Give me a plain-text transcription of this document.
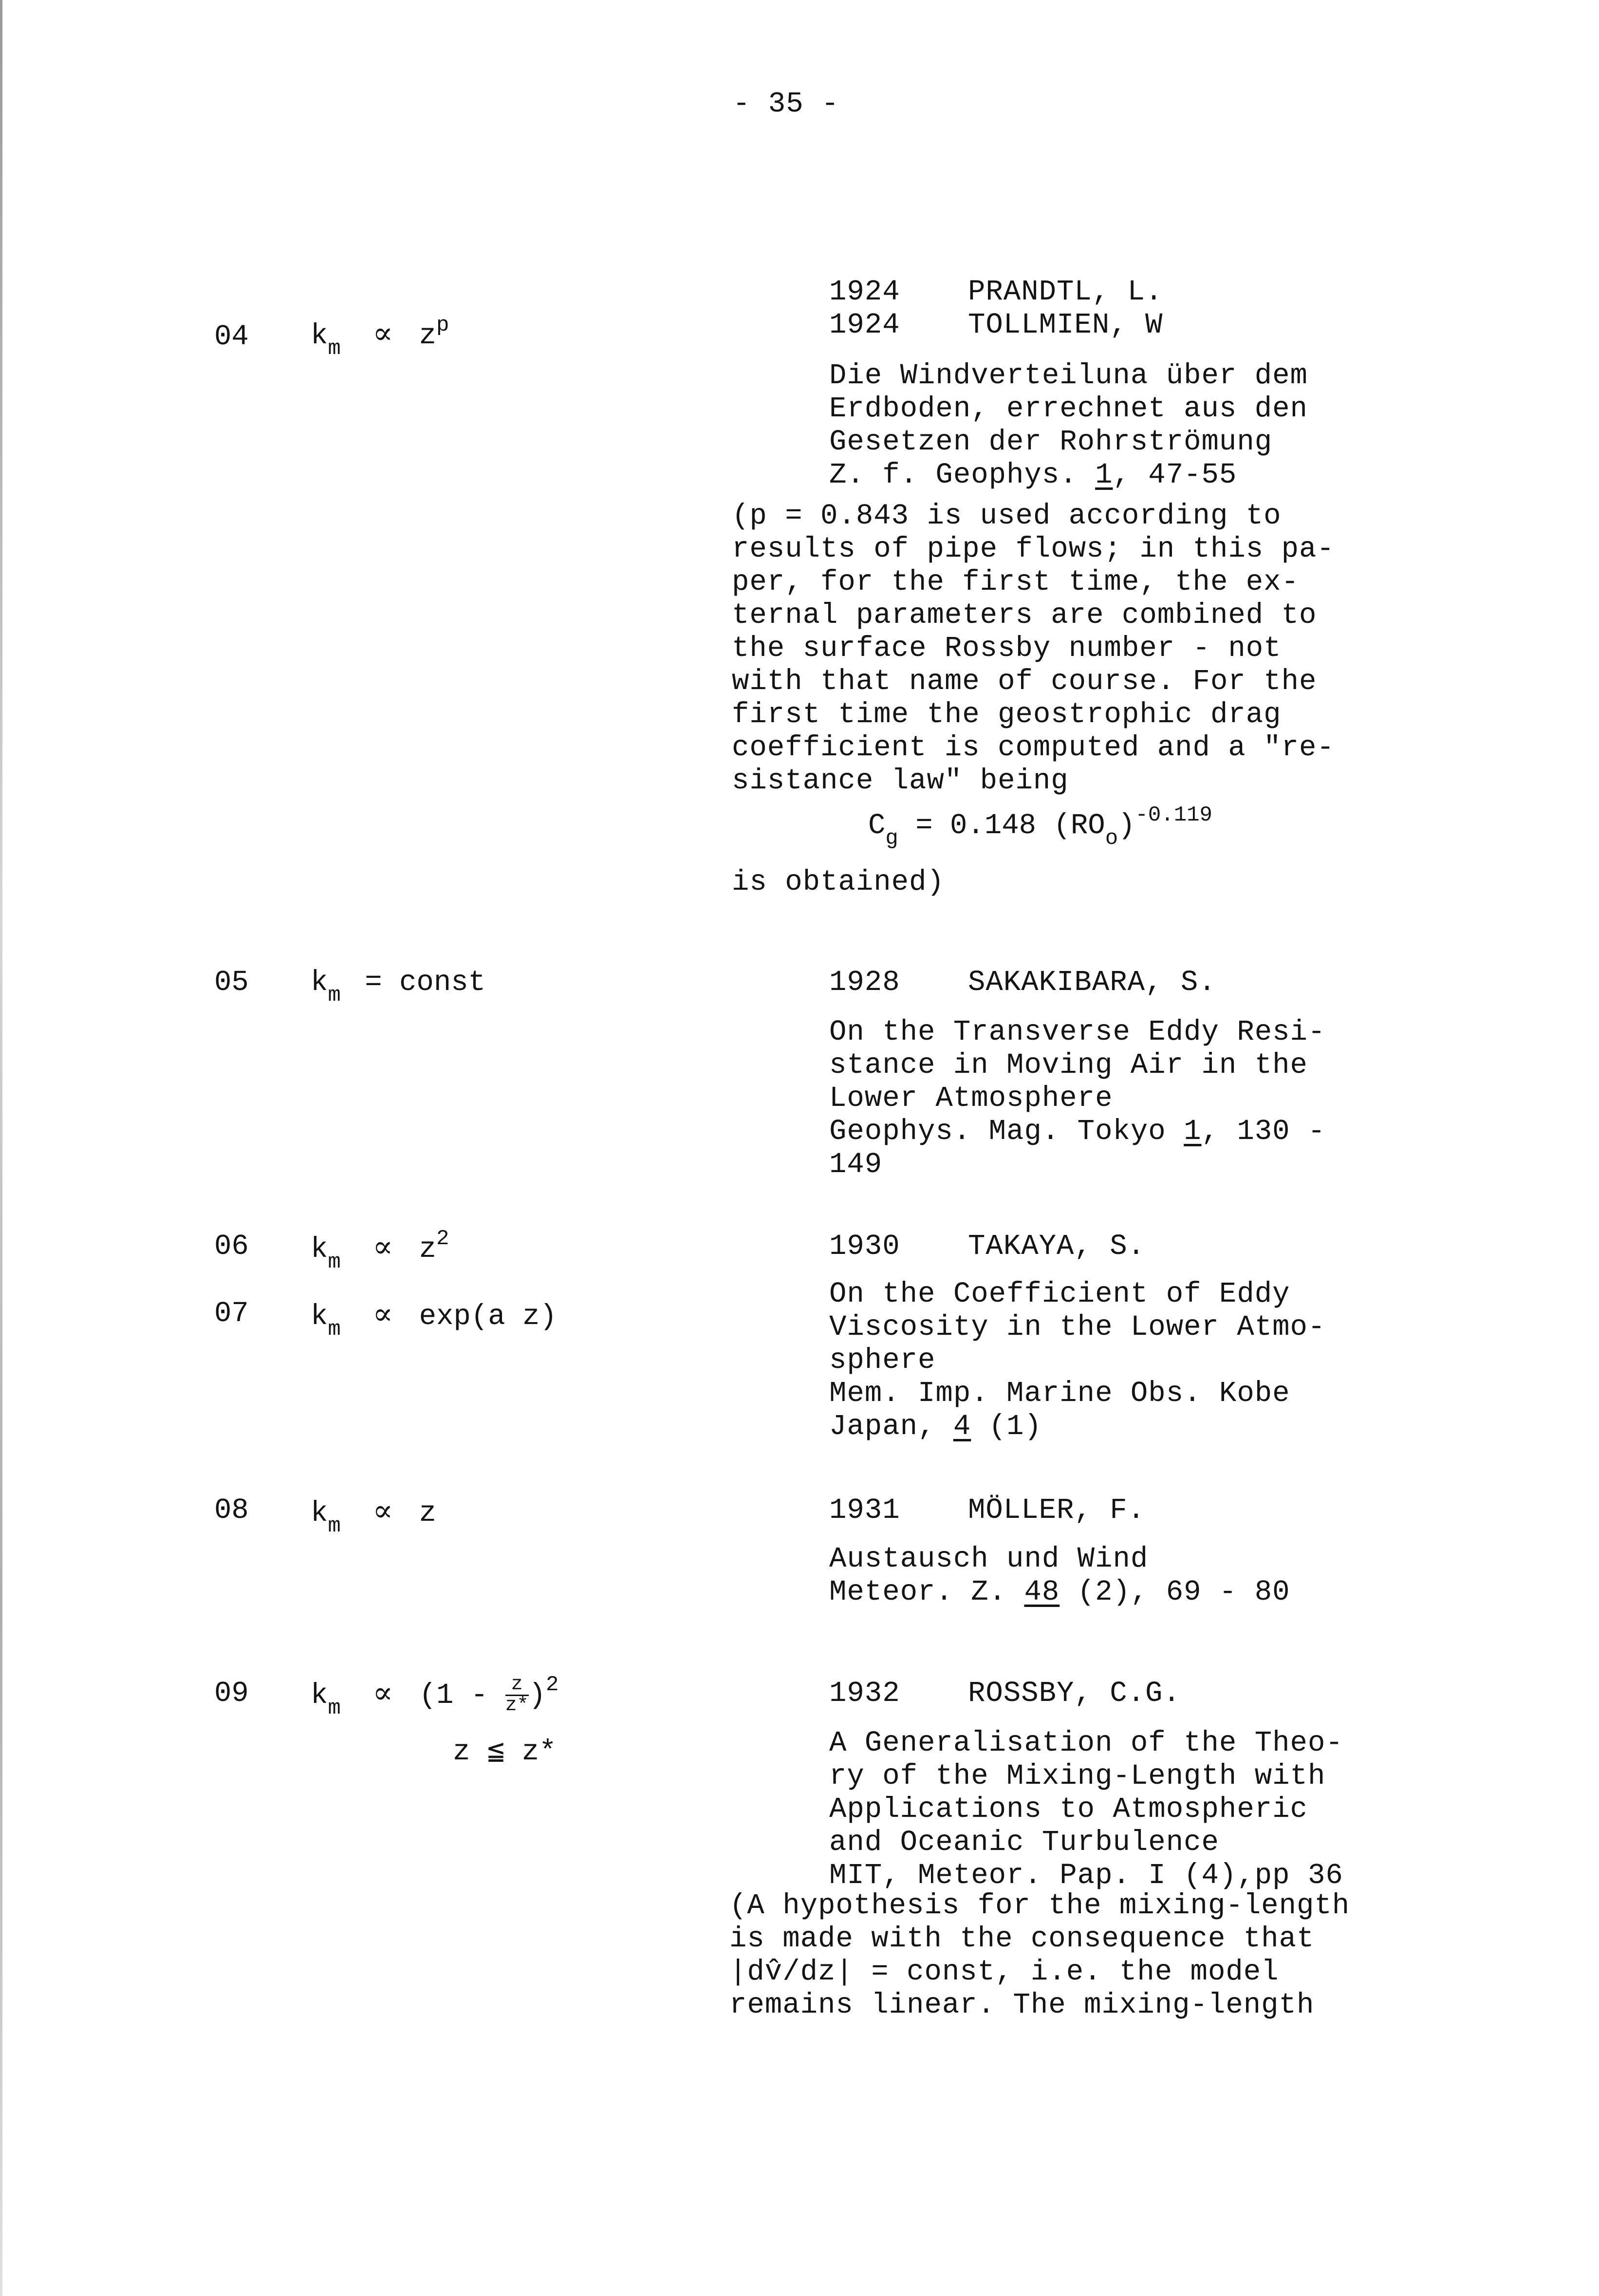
- 35 -
04 $k_m \propto z^p$
1924 PRANDTL, L.
1924 TOLLMIEN, W
Die Windverteiluna über dem
Erdboden, errechnet aus den
Gesetzen der Rohrströmung
Z. f. Geophys. 1, 47-55
(p = 0.843 is used according to
results of pipe flows; in this pa-
per, for the first time, the ex-
ternal parameters are combined to
the surface Rossby number - not
with that name of course. For the
first time the geostrophic drag
coefficient is computed and a "re-
sistance law" being
$C_g = 0.148$ $(RO_o)^{-0.119}$
is obtained)
05 $k_m$ = const	1928 SAKAKIBARA, S.
On the Transverse Eddy Resi-
stance in Moving Air in the
Lower Atmosphere
Geophys. Mag. Tokyo 1, 130 -
149
06 $k_m \propto z^2$
07 $k_m \propto \exp(a$ z)
1930 TAKAYA, S.
On the Coefficient of Eddy
Viscosity in the Lower Atmo-
sphere
Mem. Imp. Marine Obs. Kobe
Japan, 4 (1)
08 $k_m \propto z$	1931 MÖLLER, F.
Austausch und Wind
Meteor. Z. 48 (2), 69 - 80
09 $k_m \propto (1 - \frac{z}{z*} )^2$
z ≦ z*
1932 ROSSBY, C.G.
A Generalisation of the Theo-
ry of the Mixing-Length with
Applications to Atmospheric
and Oceanic Turbulence
MIT, Meteor. Pap. I (4),pp 36
(A hypothesis for the mixing-length
is made with the consequence that
|dv̂/dz| = const, i.e. the model
remains linear. The mixing-length
